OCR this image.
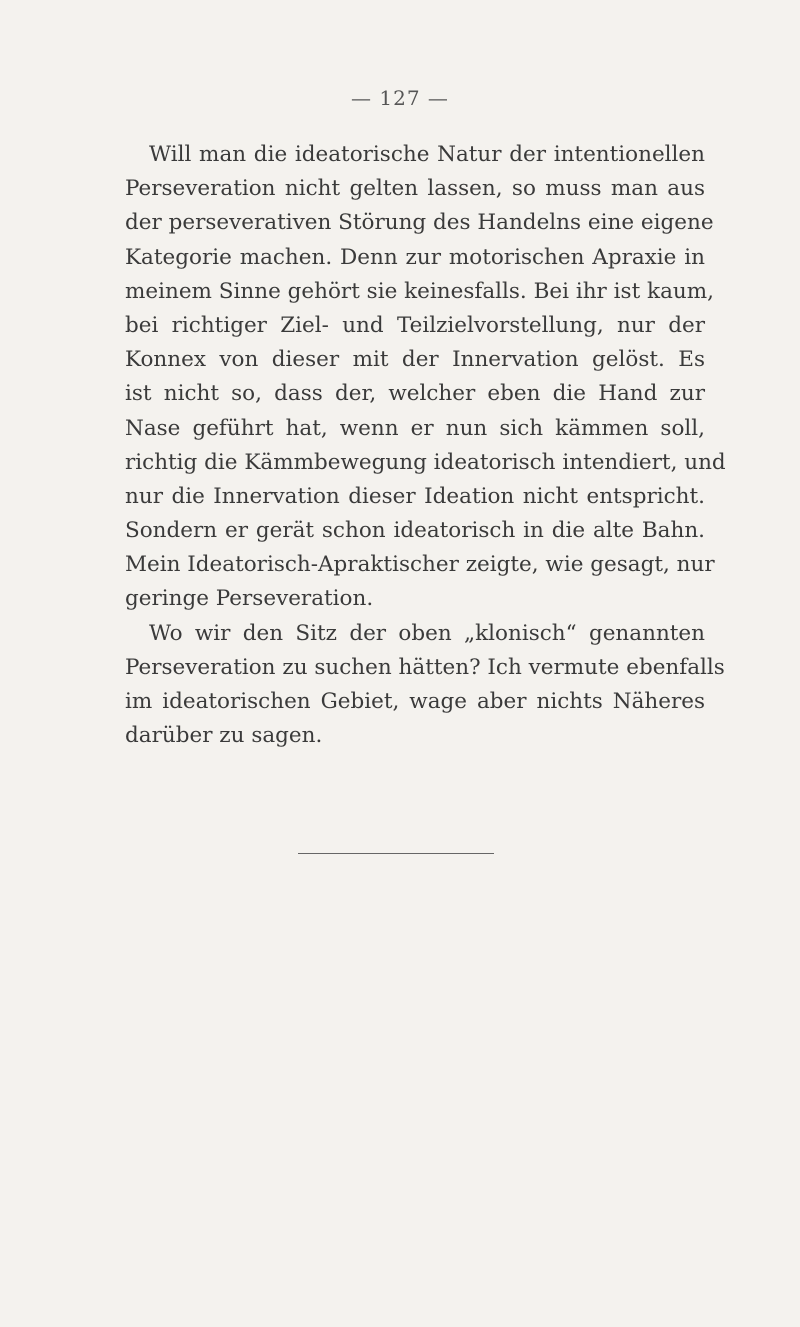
— 127 —
Will man die ideatorische Natur der intentionellen
Perseveration nicht gelten lassen, so muss man aus
der perseverativen Störung des Handelns eine eigene
Kategorie machen. Denn zur motorischen Apraxie in
meinem Sinne gehört sie keinesfalls. Bei ihr ist kaum,
bei richtiger Ziel- und Teilzielvorstellung, nur der
Konnex von dieser mit der Innervation gelöst. Es
ist nicht so, dass der, welcher eben die Hand zur
Nase geführt hat, wenn er nun sich kämmen soll,
richtig die Kämmbewegung ideatorisch intendiert, und
nur die Innervation dieser Ideation nicht entspricht.
Sondern er gerät schon ideatorisch in die alte Bahn.
Mein Ideatorisch-Apraktischer zeigte, wie gesagt, nur
geringe Perseveration.
Wo wir den Sitz der oben „klonisch“ genannten
Perseveration zu suchen hätten? Ich vermute ebenfalls
im ideatorischen Gebiet, wage aber nichts Näheres
darüber zu sagen.
